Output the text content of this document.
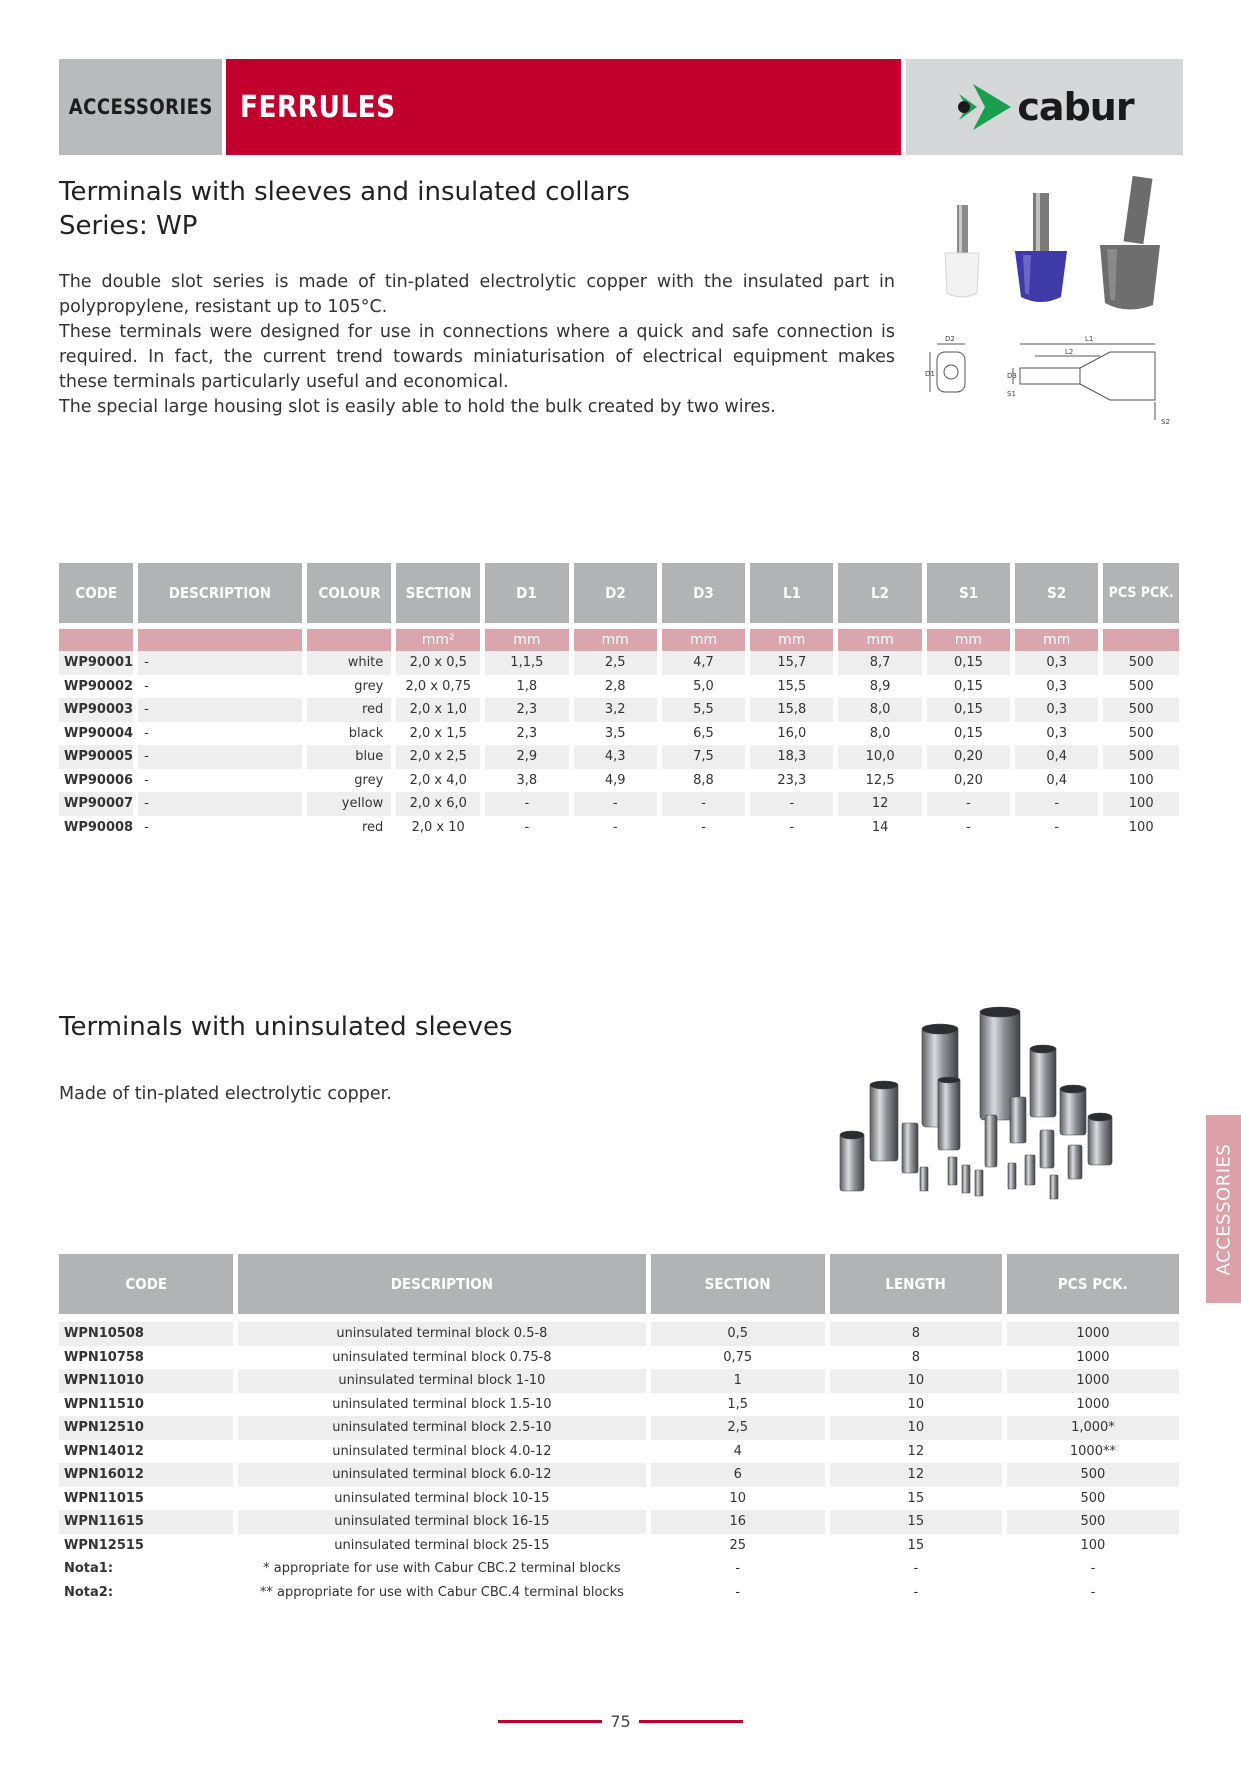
ACCESSORIES FERRULES	cabur
Terminals with sleeves and insulated collars
Series: WP

The double slot series is made of tin-plated electrolytic copper with the insulated part in polypropylene, resistant up to 105°C.

These terminals were designed for use in connections where a quick and safe connection is required. In fact, the current trend towards miniaturisation of electrical equipment makes these terminals particularly useful and economical.

The special large housing slot is easily able to hold the bulk created by two wires.

D2
D1
L1
L2
D3
S1
S2
CODE	DESCRIPTION	COLOUR	SECTION	D1	D2	D3	L1	L2	S1	S2	PCS PCK.

			mm²	mm	mm	mm	mm	mm	mm	mm	
WP90001	-	white	2,0 x 0,5	1,1,5	2,5	4,7	15,7	8,7	0,15	0,3	500
WP90002	-	grey	2,0 x 0,75	1,8	2,8	5,0	15,5	8,9	0,15	0,3	500
WP90003	-	red	2,0 x 1,0	2,3	3,2	5,5	15,8	8,0	0,15	0,3	500
WP90004	-	black	2,0 x 1,5	2,3	3,5	6,5	16,0	8,0	0,15	0,3	500
WP90005	-	blue	2,0 x 2,5	2,9	4,3	7,5	18,3	10,0	0,20	0,4	500
WP90006	-	grey	2,0 x 4,0	3,8	4,9	8,8	23,3	12,5	0,20	0,4	100
WP90007	-	yellow	2,0 x 6,0	-	-	-	-	12	-	-	100
WP90008	-	red	2,0 x 10	-	-	-	-	14	-	-	100
Terminals with uninsulated sleeves
Made of tin-plated electrolytic copper.
CODE	DESCRIPTION	SECTION	LENGTH	PCS PCK.

WPN10508	uninsulated terminal block 0.5-8	0,5	8	1000
WPN10758	uninsulated terminal block 0.75-8	0,75	8	1000
WPN11010	uninsulated terminal block 1-10	1	10	1000
WPN11510	uninsulated terminal block 1.5-10	1,5	10	1000
WPN12510	uninsulated terminal block 2.5-10	2,5	10	1,000*
WPN14012	uninsulated terminal block 4.0-12	4	12	1000**
WPN16012	uninsulated terminal block 6.0-12	6	12	500
WPN11015	uninsulated terminal block 10-15	10	15	500
WPN11615	uninsulated terminal block 16-15	16	15	500
WPN12515	uninsulated terminal block 25-15	25	15	100
Nota1:	* appropriate for use with Cabur CBC.2 terminal blocks	-	-	-
Nota2:	** appropriate for use with Cabur CBC.4 terminal blocks	-	-	-
ACCESSORIES
75
